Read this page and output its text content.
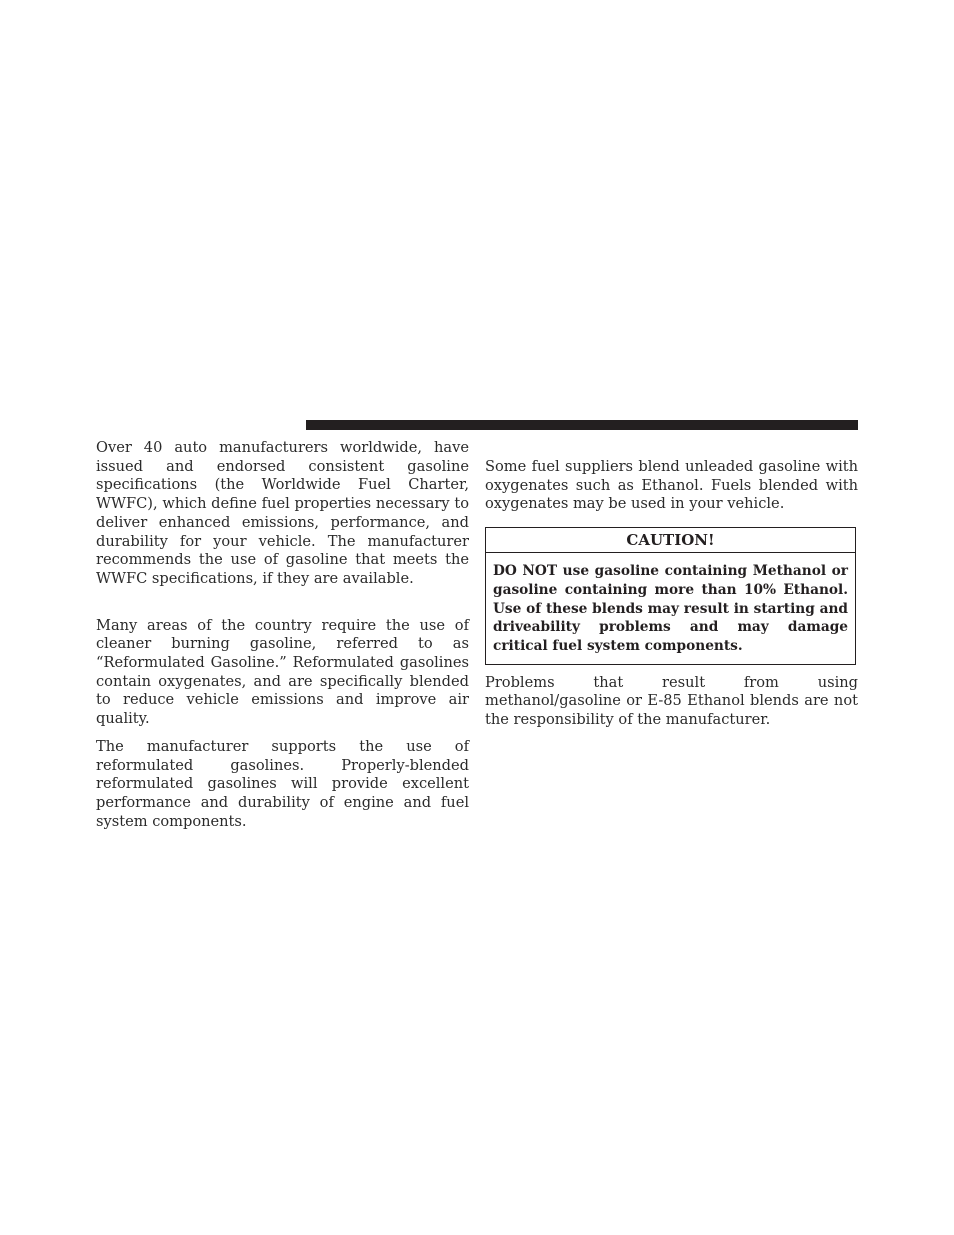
Over 40 auto manufacturers worldwide, have issued and endorsed consistent gasoline specifications (the Worldwide Fuel Charter, WWFC), which define fuel properties necessary to deliver enhanced emissions, performance, and durability for your vehicle. The manufacturer recommends the use of gasoline that meets the WWFC specifications, if they are available.

Many areas of the country require the use of cleaner burning gasoline, referred to as “Reformulated Gasoline.” Reformulated gasolines contain oxygenates, and are specifically blended to reduce vehicle emissions and improve air quality.

The manufacturer supports the use of reformulated gasolines. Properly-blended reformulated gasolines will provide excellent performance and durability of engine and fuel system components.

Some fuel suppliers blend unleaded gasoline with oxygenates such as Ethanol. Fuels blended with oxygenates may be used in your vehicle.

CAUTION!
DO NOT use gasoline containing Methanol or gasoline containing more than 10% Ethanol. Use of these blends may result in starting and driveability problems and may damage critical fuel system components.

Problems that result from using methanol/gasoline or E-85 Ethanol blends are not the responsibility of the manufacturer.
